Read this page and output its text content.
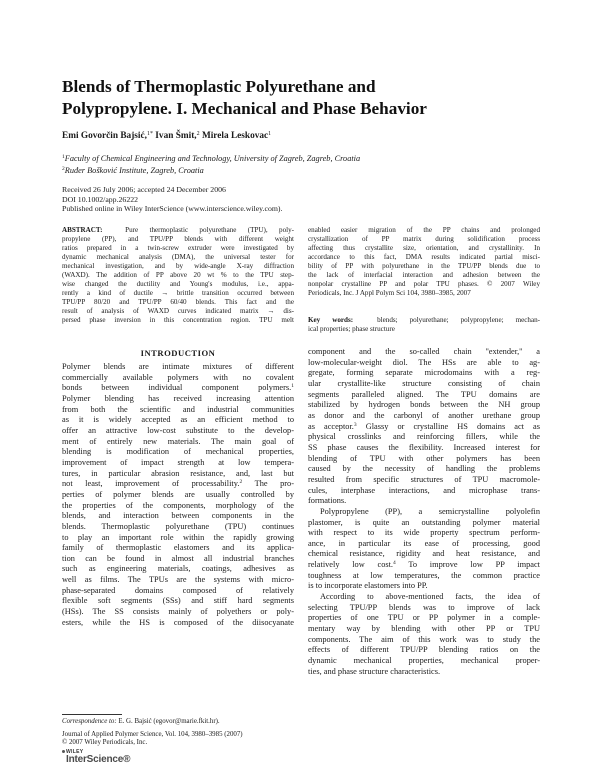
Blends of Thermoplastic Polyurethane and
Polypropylene. I. Mechanical and Phase Behavior
Emi Govorčin Bajsić,$^{1*}$ Ivan Šmit,$^2$ Mirela Leskovac$^1$
$^1$Faculty of Chemical Engineering and Technology, University of Zagreb, Zagreb, Croatia
$^2$Ruđer Bošković Institute, Zagreb, Croatia
Received 26 July 2006; accepted 24 December 2006
DOI 10.1002/app.26222
Published online in Wiley InterScience (www.interscience.wiley.com).
ABSTRACT:	Pure thermoplastic polyurethane (TPU), poly-
propylene (PP), and TPU/PP blends with different weight
ratios prepared in a twin-screw extruder were investigated by
dynamic mechanical analysis (DMA), the universal tester for
mechanical investigation, and by wide-angle X-ray diffraction
(WAXD). The addition of PP above 20 wt % to the TPU step-
wise changed the ductility and Young's modulus, i.e., appa-
rently a kind of ductile → brittle transition occurred between
TPU/PP 80/20 and TPU/PP 60/40 blends. This fact and the
result of analysis of WAXD curves indicated matrix → dis-
persed phase inversion in this concentration region. TPU melt
enabled easier migration of the PP chains and prolonged
crystallization of PP matrix during solidification process
affecting thus crystallite size, orientation, and crystallinity. In
accordance to this fact, DMA results indicated partial misci-
bility of PP with polyurethane in the TPU/PP blends due to
the lack of interfacial interaction and adhesion between the
nonpolar crystalline PP and polar TPU phases. © 2007 Wiley
Periodicals, Inc. J Appl Polym Sci 104, 3980–3985, 2007
Key words:	blends; polyurethane; polypropylene; mechan-
ical properties; phase structure
INTRODUCTION
Polymer blends are intimate mixtures of different
commercially available polymers with no covalent
bonds between individual component polymers.$^1$
Polymer blending has received increasing attention
from both the scientific and industrial communities
as it is widely accepted as an efficient method to
offer an attractive low-cost substitute to the develop-
ment of entirely new materials. The main goal of
blending is modification of mechanical properties,
improvement of impact strength at low tempera-
tures, in particular abrasion resistance, and, last but
not least, improvement of processability.$^2$ The pro-
perties of polymer blends are usually controlled by
the properties of the components, morphology of the
blends, and interaction between components in the
blends. Thermoplastic polyurethane (TPU) continues
to play an important role within the rapidly growing
family of thermoplastic elastomers and its applica-
tion can be found in almost all industrial branches
such as engineering materials, coatings, adhesives as
well as films. The TPUs are the systems with micro-
phase-separated domains composed of relatively
flexible soft segments (SSs) and stiff hard segments
(HSs). The SS consists mainly of polyethers or poly-
esters, while the HS is composed of the diisocyanate
component and the so-called chain ''extender,'' a
low-molecular-weight diol. The HSs are able to ag-
gregate, forming separate microdomains with a reg-
ular crystallite-like structure consisting of chain
segments paralleled aligned. The TPU domains are
stabilized by hydrogen bonds between the NH group
as donor and the carbonyl of another urethane group
as acceptor.$^3$ Glassy or crystalline HS domains act as
physical crosslinks and reinforcing fillers, while the
SS phase causes the flexibility. Increased interest for
blending of TPU with other polymers has been
caused by the necessity of handling the problems
resulted from specific structures of TPU macromole-
cules, interphase interactions, and microphase trans-
formations.
Polypropylene (PP), a semicrystalline polyolefin
plastomer, is quite an outstanding polymer material
with respect to its wide property spectrum perform-
ance, in particular its ease of processing, good
chemical resistance, rigidity and heat resistance, and
relatively low cost.$^4$ To improve low PP impact
toughness at low temperatures, the common practice
is to incorporate elastomers into PP.
According to above-mentioned facts, the idea of
selecting TPU/PP blends was to improve of lack
properties of one TPU or PP polymer in a comple-
mentary way by blending with other PP or TPU
components. The aim of this work was to study the
effects of different TPU/PP blending ratios on the
dynamic mechanical properties, mechanical proper-
ties, and phase structure characteristics.
Correspondence to: E. G. Bajsić (egovor@marie.fkit.hr).
Journal of Applied Polymer Science, Vol. 104, 3980–3985 (2007)
© 2007 Wiley Periodicals, Inc.
WILEY
InterScience®
